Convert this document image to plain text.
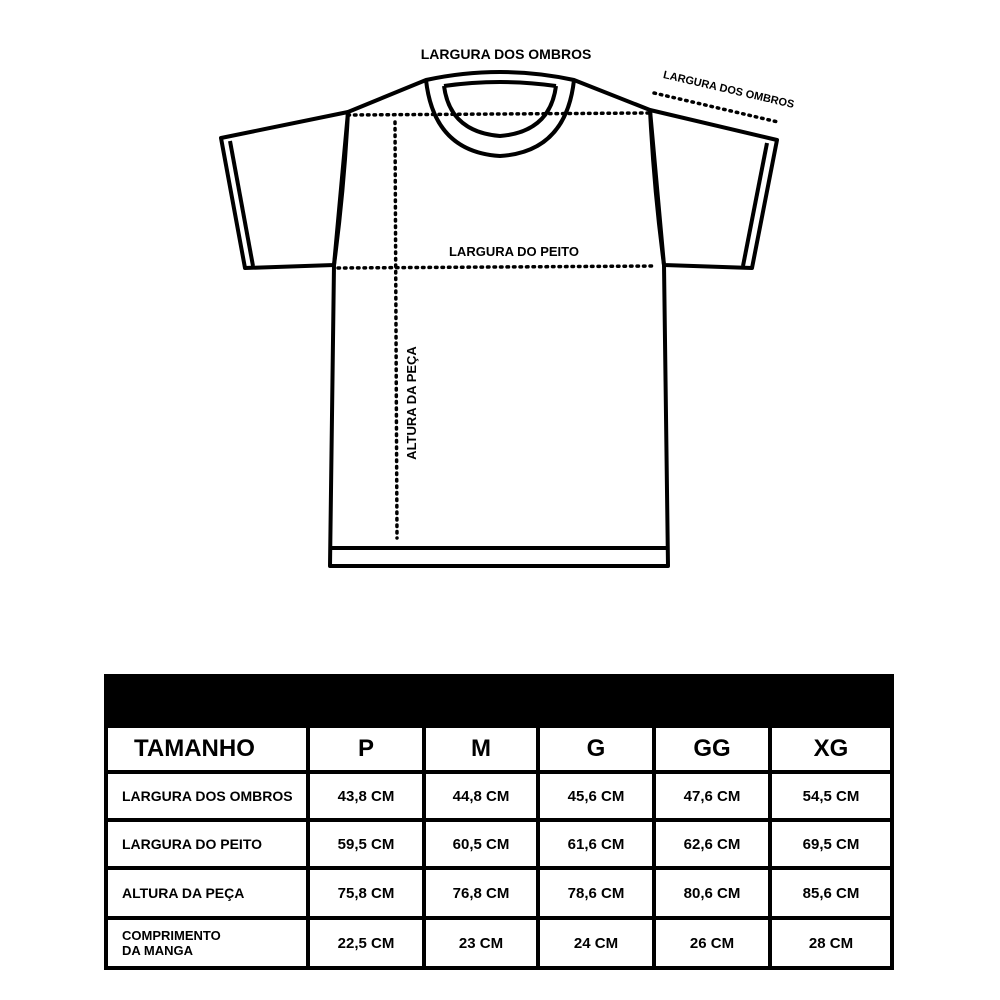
LARGURA DOS OMBROS
LARGURA DOS OMBROS
LARGURA DO PEITO
ALTURA DA PEÇA
TAMANHO	P	M	G	GG	XG
LARGURA DOS OMBROS	43,8 CM	44,8 CM	45,6 CM	47,6 CM	54,5 CM
LARGURA DO PEITO	59,5 CM	60,5 CM	61,6 CM	62,6 CM	69,5 CM
ALTURA DA PEÇA	75,8 CM	76,8 CM	78,6 CM	80,6 CM	85,6 CM
COMPRIMENTO
DA MANGA	22,5 CM	23 CM	24 CM	26 CM	28 CM
